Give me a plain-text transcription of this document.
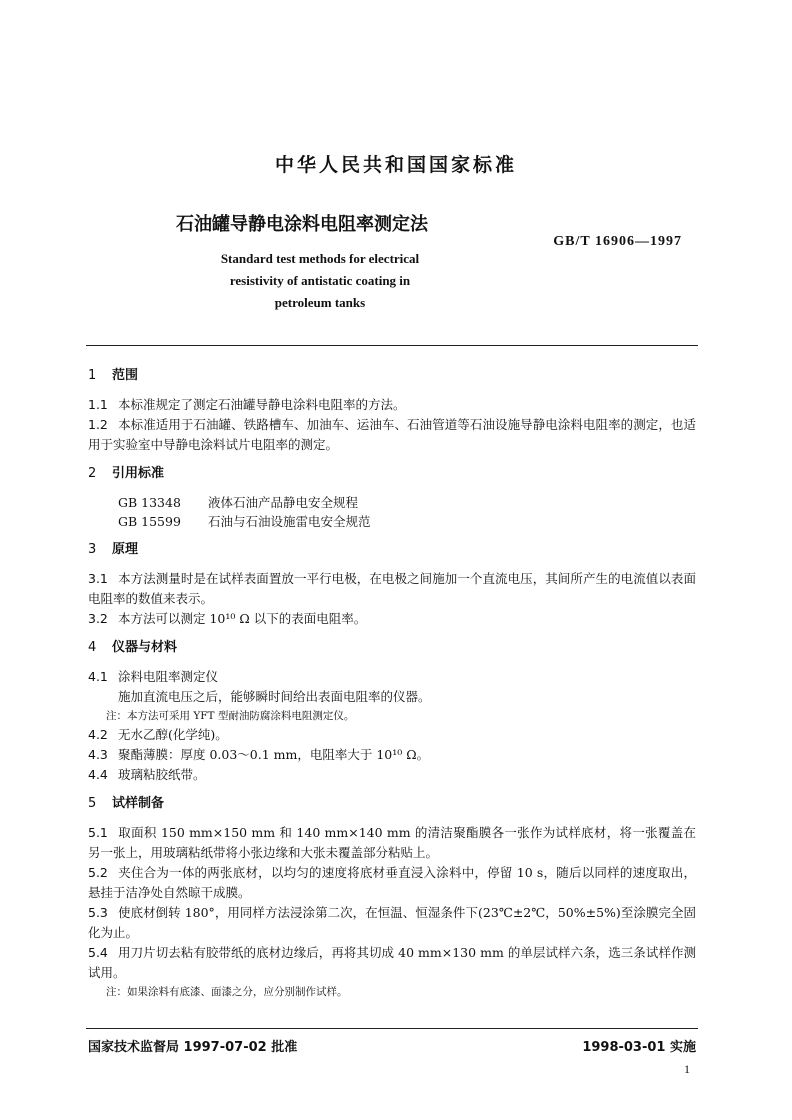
中华人民共和国国家标准
石油罐导静电涂料电阻率测定法
GB/T 16906—1997
Standard test methods for electrical
resistivity of antistatic coating in
petroleum tanks
1 范围

1.1 本标准规定了测定石油罐导静电涂料电阻率的方法。

1.2 本标准适用于石油罐、铁路槽车、加油车、运油车、石油管道等石油设施导静电涂料电阻率的测定，也适用于实验室中导静电涂料试片电阻率的测定。

2 引用标准
GB 13348 液体石油产品静电安全规程
GB 15599 石油与石油设施雷电安全规范
3 原理

3.1 本方法测量时是在试样表面置放一平行电极，在电极之间施加一个直流电压，其间所产生的电流值以表面电阻率的数值来表示。

3.2 本方法可以测定 10¹⁰ Ω 以下的表面电阻率。

4 仪器与材料

4.1 涂料电阻率测定仪

施加直流电压之后，能够瞬时间给出表面电阻率的仪器。

注：本方法可采用 YFT 型耐油防腐涂料电阻测定仪。

4.2 无水乙醇(化学纯)。

4.3 聚酯薄膜：厚度 0.03～0.1 mm，电阻率大于 10¹⁰ Ω。

4.4 玻璃粘胶纸带。

5 试样制备

5.1 取面积 150 mm×150 mm 和 140 mm×140 mm 的清洁聚酯膜各一张作为试样底材，将一张覆盖在另一张上，用玻璃粘纸带将小张边缘和大张未覆盖部分粘贴上。

5.2 夹住合为一体的两张底材，以均匀的速度将底材垂直浸入涂料中，停留 10 s，随后以同样的速度取出，悬挂于洁净处自然晾干成膜。

5.3 使底材倒转 180°，用同样方法浸涂第二次，在恒温、恒湿条件下(23℃±2℃，50%±5%)至涂膜完全固化为止。

5.4 用刀片切去粘有胶带纸的底材边缘后，再将其切成 40 mm×130 mm 的单层试样六条，选三条试样作测试用。

注：如果涂料有底漆、面漆之分，应分别制作试样。
国家技术监督局 1997-07-02 批准	1998-03-01 实施
1
